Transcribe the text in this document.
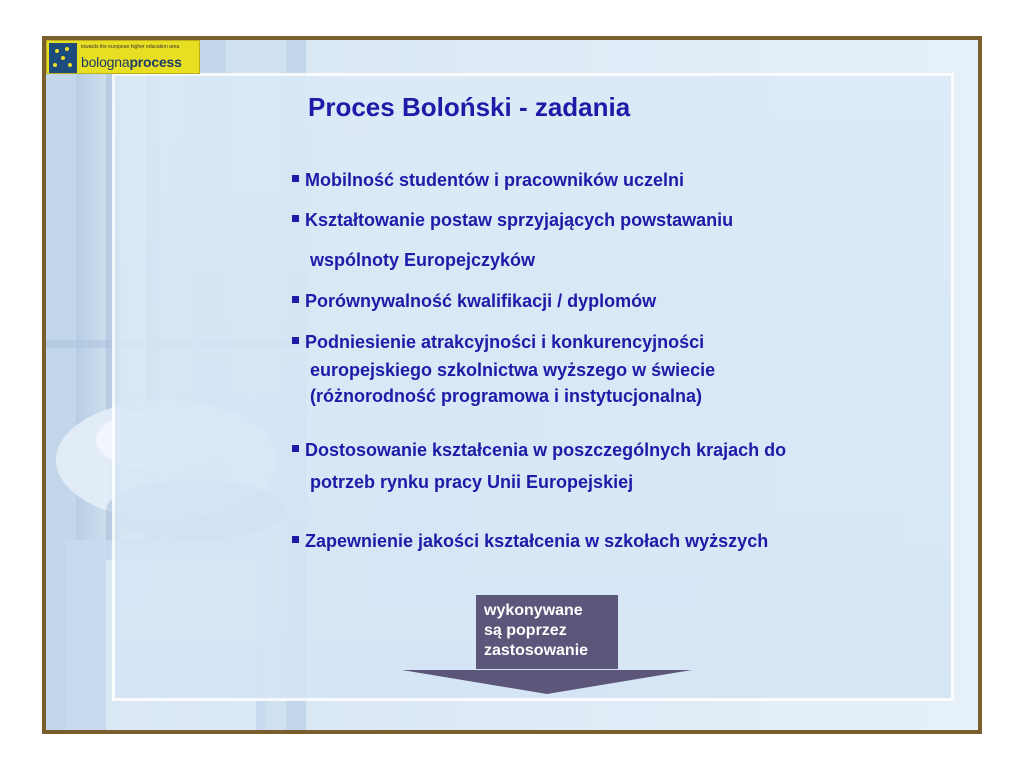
towards the european higher education area
bolognaprocess
Proces Boloński - zadania
Mobilność studentów i pracowników uczelni
Kształtowanie postaw sprzyjających powstawaniu
wspólnoty Europejczyków
Porównywalność kwalifikacji / dyplomów
Podniesienie atrakcyjności i konkurencyjności
europejskiego szkolnictwa wyższego w świecie
(różnorodność programowa i instytucjonalna)
Dostosowanie kształcenia w poszczególnych krajach do
potrzeb rynku pracy Unii Europejskiej
Zapewnienie jakości kształcenia w szkołach wyższych
wykonywane
są poprzez
zastosowanie
